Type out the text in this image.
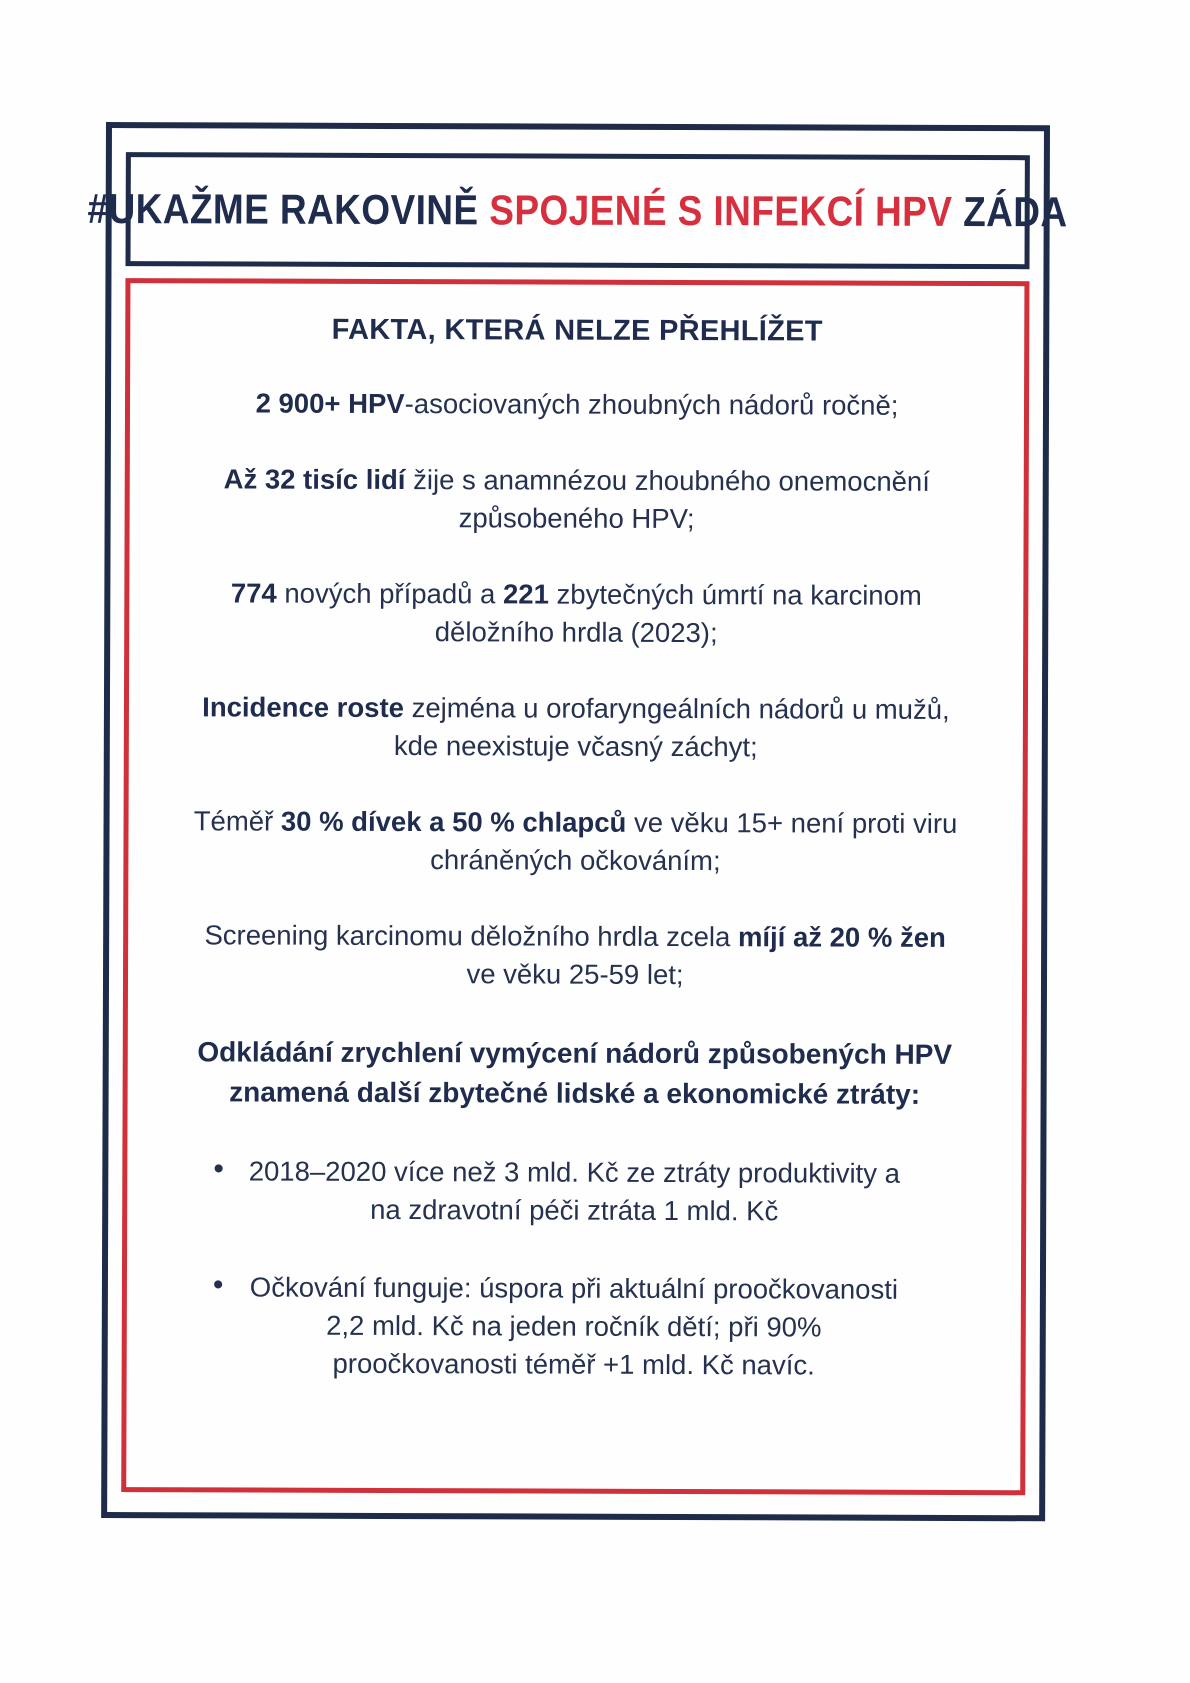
#UKAŽME RAKOVINĚ SPOJENÉ S INFEKCÍ HPV ZÁDA
FAKTA, KTERÁ NELZE PŘEHLÍŽET

2 900+ HPV-asociovaných zhoubných nádorů ročně;

Až 32 tisíc lidí žije s anamnézou zhoubného onemocnění způsobeného HPV;

774 nových případů a 221 zbytečných úmrtí na karcinom děložního hrdla (2023);

Incidence roste zejména u orofaryngeálních nádorů u mužů, kde neexistuje včasný záchyt;

Téměř 30 % dívek a 50 % chlapců ve věku 15+ není proti viru chráněných očkováním;

Screening karcinomu děložního hrdla zcela míjí až 20 % žen ve věku 25-59 let;

Odkládání zrychlení vymýcení nádorů způsobených HPV znamená další zbytečné lidské a ekonomické ztráty:
• 2018–2020 více než 3 mld. Kč ze ztráty produktivity a na zdravotní péči ztráta 1 mld. Kč

• Očkování funguje: úspora při aktuální proočkovanosti 2,2 mld. Kč na jeden ročník dětí; při 90% proočkovanosti téměř +1 mld. Kč navíc.
